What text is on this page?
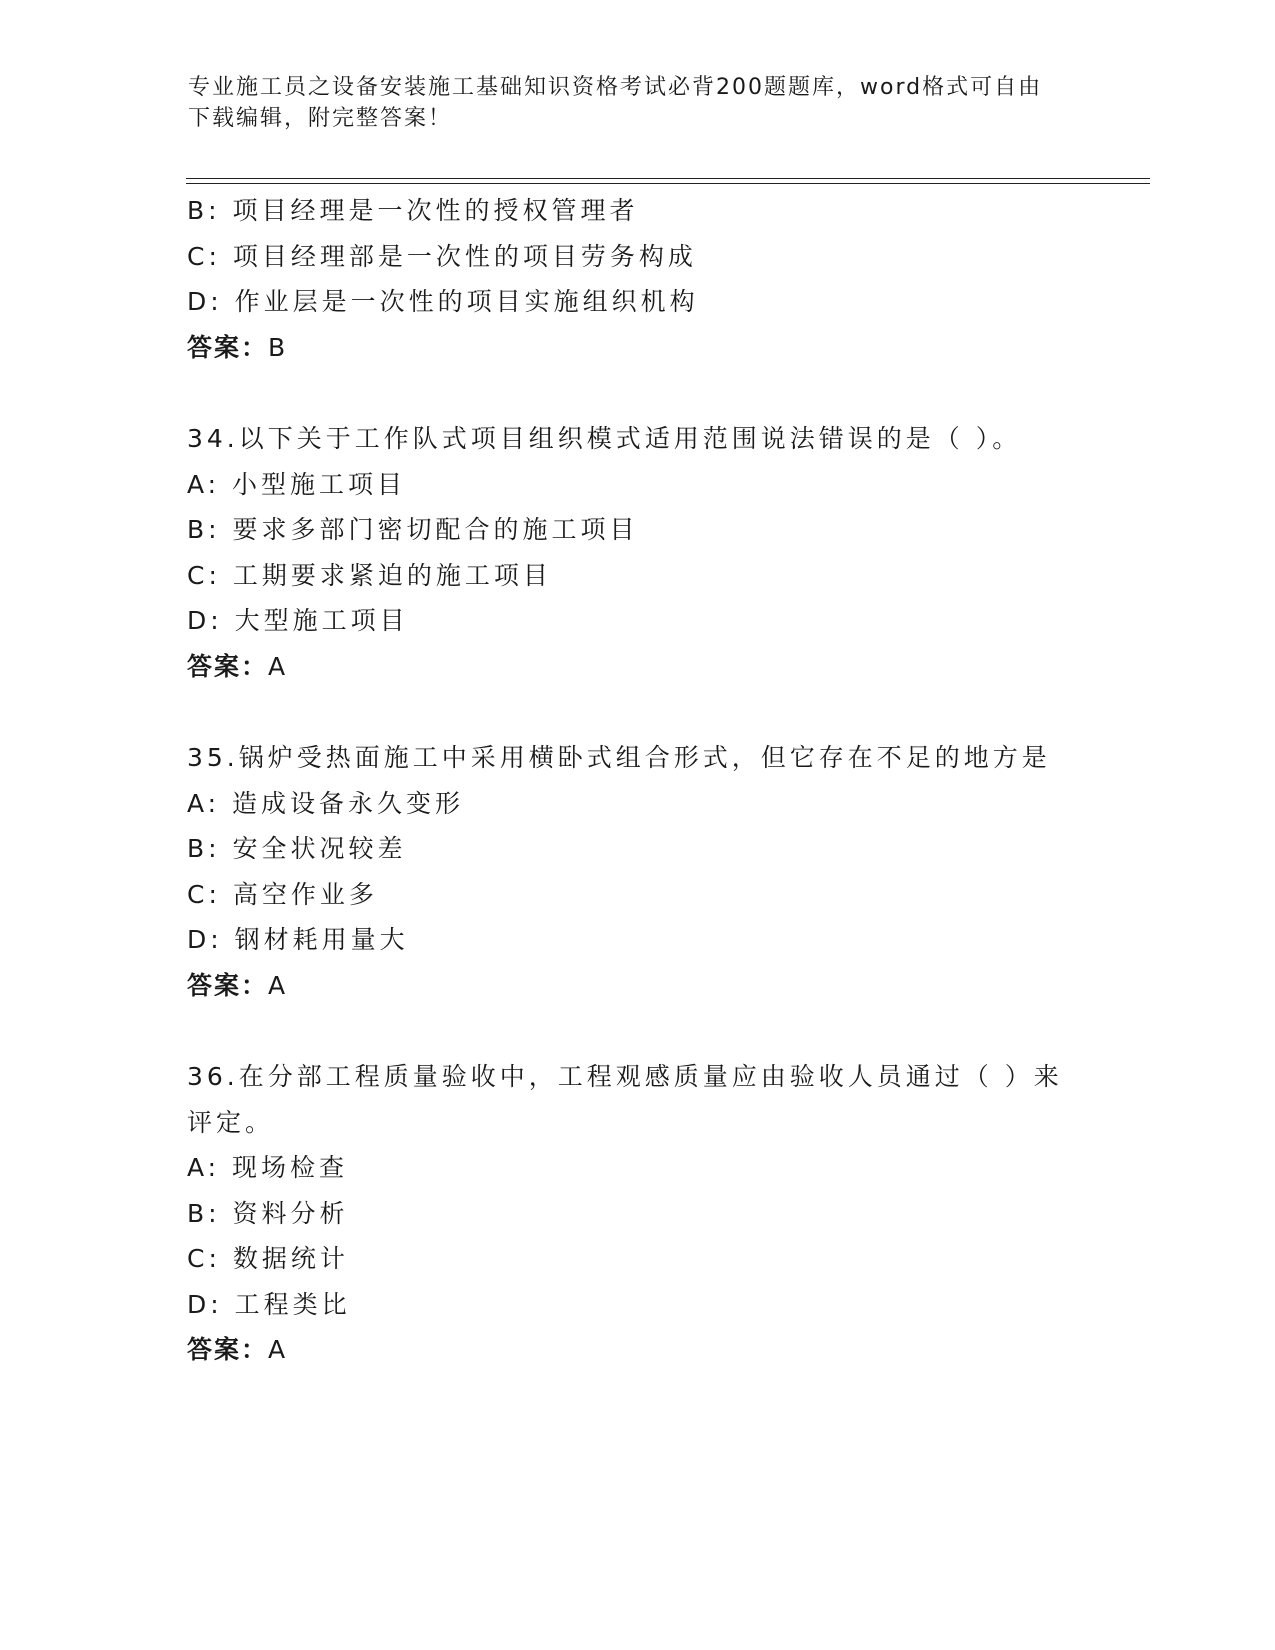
专业施工员之设备安装施工基础知识资格考试必背200题题库，word格式可自由
下载编辑，附完整答案！
B: 项目经理是一次性的授权管理者
C: 项目经理部是一次性的项目劳务构成
D: 作业层是一次性的项目实施组织机构
答案：B
34.以下关于工作队式项目组织模式适用范围说法错误的是（ ）。
A: 小型施工项目
B: 要求多部门密切配合的施工项目
C: 工期要求紧迫的施工项目
D: 大型施工项目
答案：A
35.锅炉受热面施工中采用横卧式组合形式，但它存在不足的地方是
A: 造成设备永久变形
B: 安全状况较差
C: 高空作业多
D: 钢材耗用量大
答案：A
36.在分部工程质量验收中，工程观感质量应由验收人员通过（ ）来
评定。
A: 现场检查
B: 资料分析
C: 数据统计
D: 工程类比
答案：A
